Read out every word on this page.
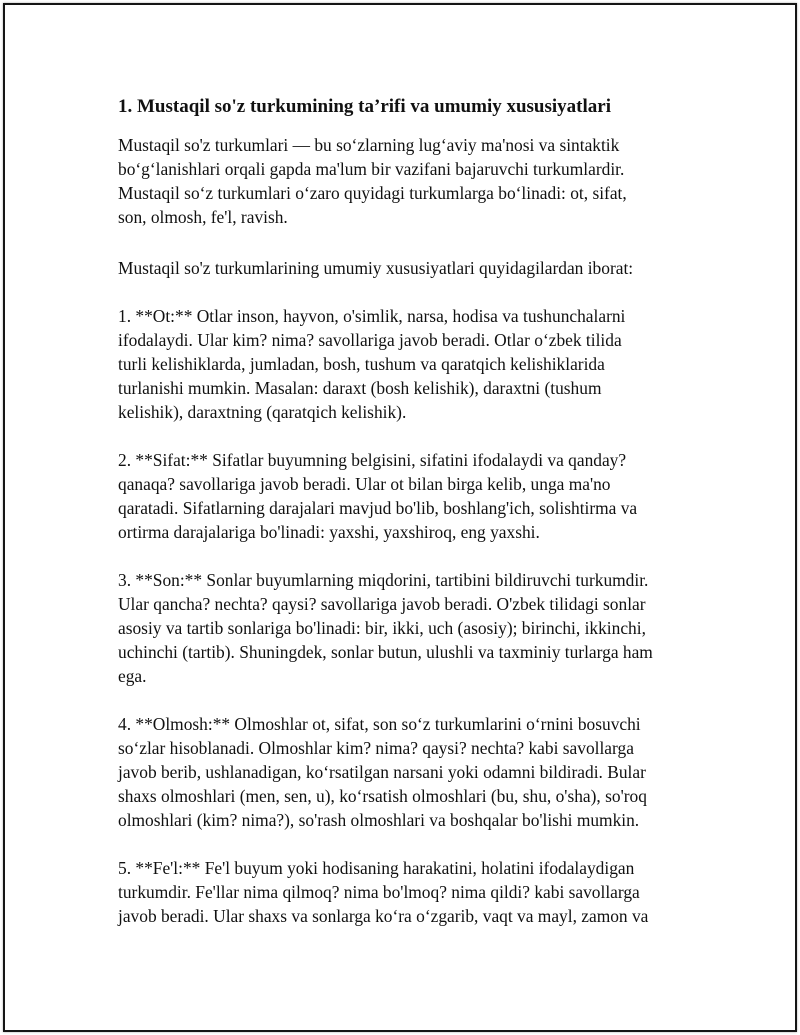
1. Mustaqil so'z turkumining ta’rifi va umumiy xususiyatlari

Mustaqil so'z turkumlari — bu so‘zlarning lug‘aviy ma'nosi va sintaktik
bo‘g‘lanishlari orqali gapda ma'lum bir vazifani bajaruvchi turkumlardir.
Mustaqil so‘z turkumlari o‘zaro quyidagi turkumlarga bo‘linadi: ot, sifat,
son, olmosh, fe'l, ravish.

Mustaqil so'z turkumlarining umumiy xususiyatlari quyidagilardan iborat:

1. **Ot:** Otlar inson, hayvon, o'simlik, narsa, hodisa va tushunchalarni
ifodalaydi. Ular kim? nima? savollariga javob beradi. Otlar o‘zbek tilida
turli kelishiklarda, jumladan, bosh, tushum va qaratqich kelishiklarida
turlanishi mumkin. Masalan: daraxt (bosh kelishik), daraxtni (tushum
kelishik), daraxtning (qaratqich kelishik).

2. **Sifat:** Sifatlar buyumning belgisini, sifatini ifodalaydi va qanday?
qanaqa? savollariga javob beradi. Ular ot bilan birga kelib, unga ma'no
qaratadi. Sifatlarning darajalari mavjud bo'lib, boshlang'ich, solishtirma va
ortirma darajalariga bo'linadi: yaxshi, yaxshiroq, eng yaxshi.

3. **Son:** Sonlar buyumlarning miqdorini, tartibini bildiruvchi turkumdir.
Ular qancha? nechta? qaysi? savollariga javob beradi. O'zbek tilidagi sonlar
asosiy va tartib sonlariga bo'linadi: bir, ikki, uch (asosiy); birinchi, ikkinchi,
uchinchi (tartib). Shuningdek, sonlar butun, ulushli va taxminiy turlarga ham
ega.

4. **Olmosh:** Olmoshlar ot, sifat, son so‘z turkumlarini o‘rnini bosuvchi
so‘zlar hisoblanadi. Olmoshlar kim? nima? qaysi? nechta? kabi savollarga
javob berib, ushlanadigan, ko‘rsatilgan narsani yoki odamni bildiradi. Bular
shaxs olmoshlari (men, sen, u), ko‘rsatish olmoshlari (bu, shu, o'sha), so'roq
olmoshlari (kim? nima?), so'rash olmoshlari va boshqalar bo'lishi mumkin.

5. **Fe'l:** Fe'l buyum yoki hodisaning harakatini, holatini ifodalaydigan
turkumdir. Fe'llar nima qilmoq? nima bo'lmoq? nima qildi? kabi savollarga
javob beradi. Ular shaxs va sonlarga ko‘ra o‘zgarib, vaqt va mayl, zamon va
